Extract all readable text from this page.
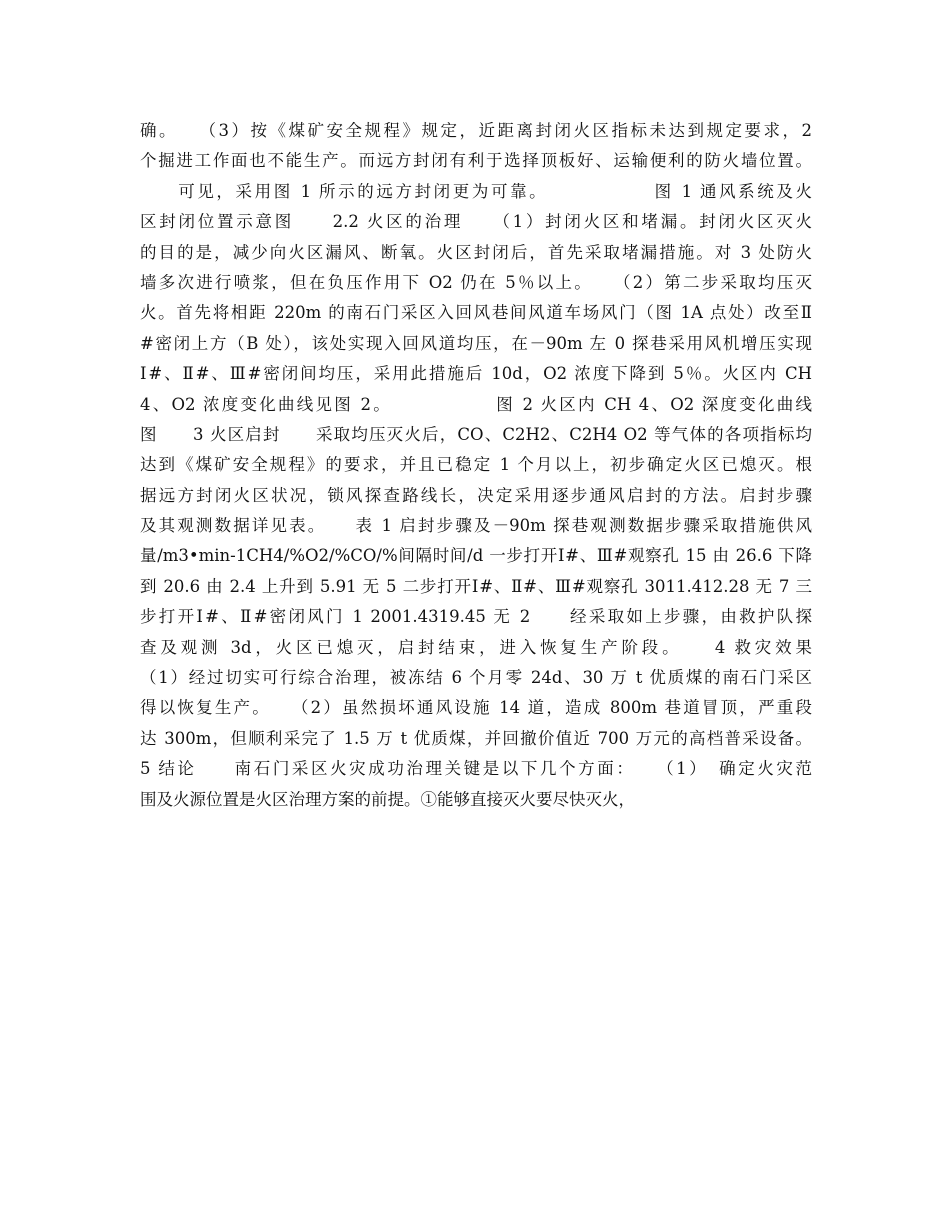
确。　　（3）按《煤矿安全规程》规定，近距离封闭火区指标未达到规定要求，2
个掘进工作面也不能生产。而远方封闭有利于选择顶板好、运输便利的防火墙位置。
　　可见，采用图 1 所示的远方封闭更为可靠。　　　　　　图 1 通风系统及火
区封闭位置示意图　　2.2 火区的治理　　（1）封闭火区和堵漏。封闭火区灭火
的目的是，减少向火区漏风、断氧。火区封闭后，首先采取堵漏措施。对 3 处防火
墙多次进行喷浆，但在负压作用下 O2 仍在 5％以上。　　（2）第二步采取均压灭
火。首先将相距 220m 的南石门采区入回风巷间风道车场风门（图 1A 点处）改至Ⅱ
#密闭上方（B 处），该处实现入回风道均压，在－90m 左 0 探巷采用风机增压实现
Ⅰ#、Ⅱ#、Ⅲ#密闭间均压，采用此措施后 10d，O2 浓度下降到 5％。火区内 CH
4、O2 浓度变化曲线见图 2。　　　　　　图 2 火区内 CH 4、O2 深度变化曲线
图　　3 火区启封　　采取均压灭火后，CO、C2H2、C2H4 O2 等气体的各项指标均
达到《煤矿安全规程》的要求，并且已稳定 1 个月以上，初步确定火区已熄灭。根
据远方封闭火区状况，锁风探查路线长，决定采用逐步通风启封的方法。启封步骤
及其观测数据详见表。　　表 1 启封步骤及－90m 探巷观测数据步骤采取措施供风
量/m3•min-1CH4/%O2/%CO/%间隔时间/d 一步打开Ⅰ#、Ⅲ#观察孔 15 由 26.6 下降
到 20.6 由 2.4 上升到 5.91 无 5 二步打开Ⅰ#、Ⅱ#、Ⅲ#观察孔 3011.412.28 无 7 三
步打开Ⅰ#、Ⅱ#密闭风门 1 2001.4319.45 无 2　　经采取如上步骤，由救护队探
查及观测 3d，火区已熄灭，启封结束，进入恢复生产阶段。　　4 救灾效果
（1）经过切实可行综合治理，被冻结 6 个月零 24d、30 万 t 优质煤的南石门采区
得以恢复生产。　　（2）虽然损坏通风设施 14 道，造成 800m 巷道冒顶，严重段
达 300m，但顺利采完了 1.5 万 t 优质煤，并回撤价值近 700 万元的高档普采设备。
5 结论　　南石门采区火灾成功治理关键是以下几个方面：　　（1）　确定火灾范
围及火源位置是火区治理方案的前提。①能够直接灭火要尽快灭火，
